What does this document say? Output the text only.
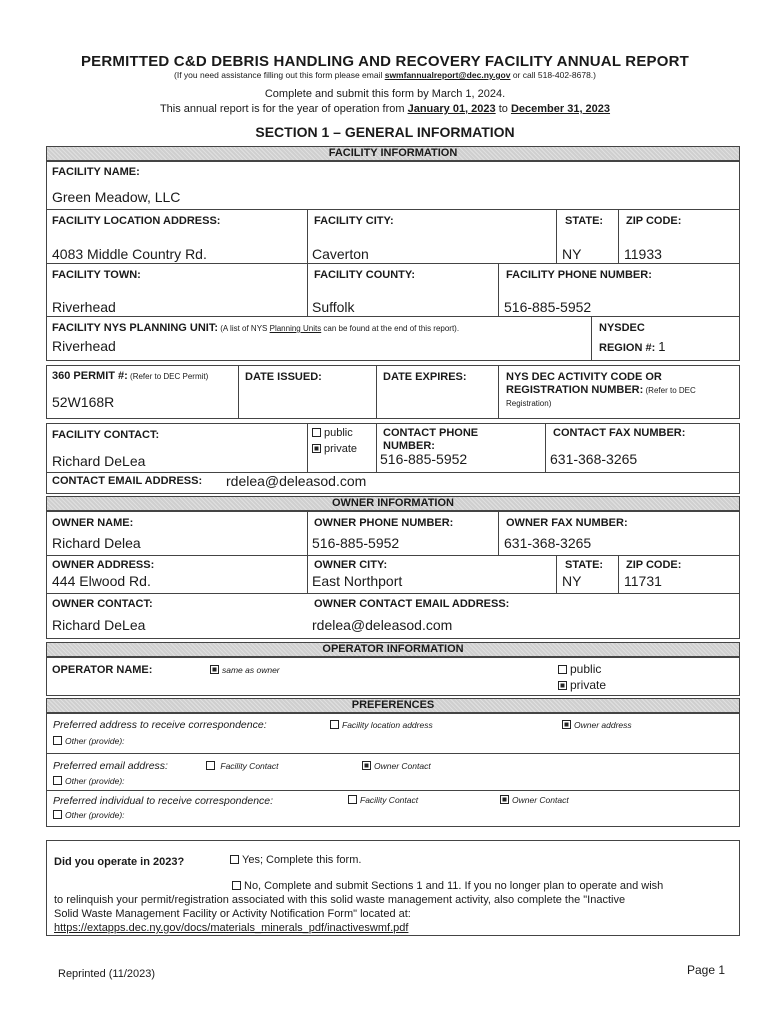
PERMITTED C&D DEBRIS HANDLING AND RECOVERY FACILITY ANNUAL REPORT
(If you need assistance filling out this form please email swmfannualreport@dec.ny.gov or call 518-402-8678.)
Complete and submit this form by March 1, 2024.
This annual report is for the year of operation from January 01, 2023 to December 31, 2023
SECTION 1 – GENERAL INFORMATION
FACILITY INFORMATION
FACILITY NAME:
Green Meadow, LLC
FACILITY LOCATION ADDRESS:
4083 Middle Country Rd.
FACILITY CITY:
Caverton
STATE:
NY
ZIP CODE:
11933
FACILITY TOWN:
Riverhead
FACILITY COUNTY:
Suffolk
FACILITY PHONE NUMBER:
516-885-5952
FACILITY NYS PLANNING UNIT: (A list of NYS Planning Units can be found at the end of this report).
Riverhead
NYSDEC
REGION #: 1
360 PERMIT #: (Refer to DEC Permit)
52W168R
DATE ISSUED:	DATE EXPIRES:	NYS DEC ACTIVITY CODE OR REGISTRATION NUMBER: (Refer to DEC Registration)
FACILITY CONTACT:
Richard DeLea
public
private
CONTACT PHONE
NUMBER:
516-885-5952
CONTACT FAX NUMBER:
631-368-3265
CONTACT EMAIL ADDRESS: rdelea@deleasod.com
OWNER INFORMATION
OWNER NAME:
Richard Delea
OWNER PHONE NUMBER:
516-885-5952
OWNER FAX NUMBER:
631-368-3265
OWNER ADDRESS:
444 Elwood Rd.
OWNER CITY:
East Northport
STATE:
NY
ZIP CODE:
11731
OWNER CONTACT:
Richard DeLea
OWNER CONTACT EMAIL ADDRESS:
rdelea@deleasod.com
OPERATOR INFORMATION
OPERATOR NAME:	same as owner	public
private
PREFERENCES
Preferred address to receive correspondence:	Facility location address	Owner address
Other (provide):
Preferred email address:	Facility Contact	Owner Contact
Other (provide):
Preferred individual to receive correspondence:	Facility Contact	Owner Contact
Other (provide):
Did you operate in 2023?	Yes; Complete this form.
No, Complete and submit Sections 1 and 11. If you no longer plan to operate and wish
to relinquish your permit/registration associated with this solid waste management activity, also complete the "Inactive
Solid Waste Management Facility or Activity Notification Form" located at:
https://extapps.dec.ny.gov/docs/materials_minerals_pdf/inactiveswmf.pdf
Reprinted (11/2023)	Page 1
